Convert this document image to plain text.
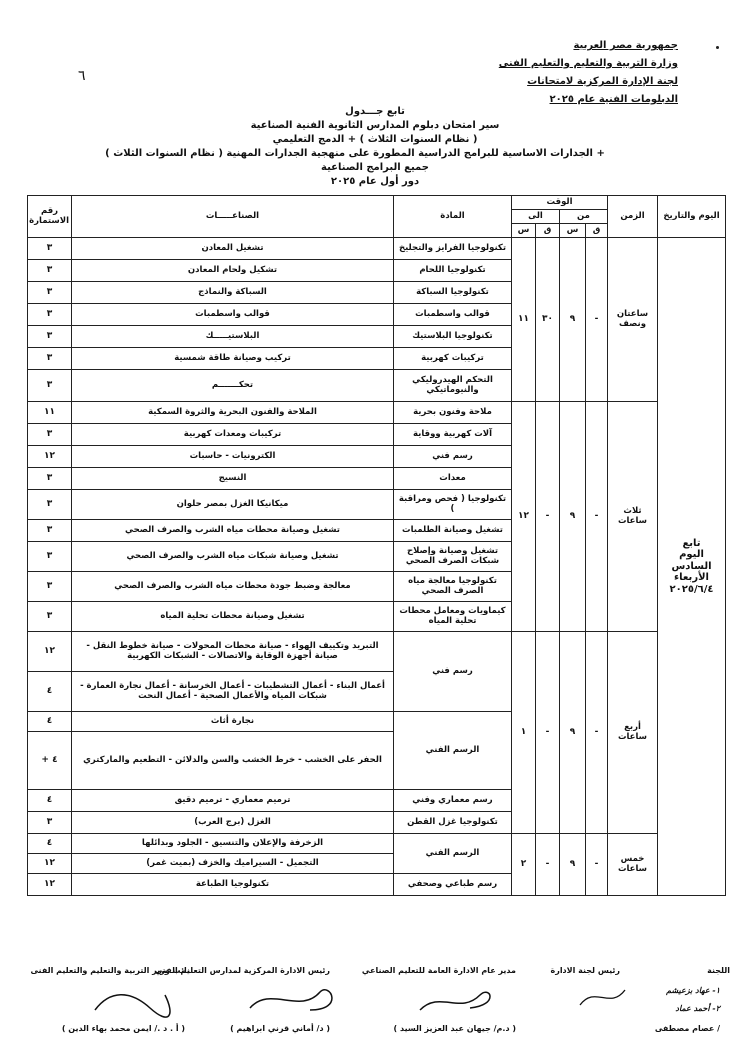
٦
جمهورية مصر العربية
وزارة التربية والتعليم والتعليم الفنى
لجنة الإدارة المركزية لامتحانات
الدبلومات الفنية عام ٢٠٢٥
تابع جـــدول
سير امتحان دبلوم المدارس الثانوية الفنية الصناعية
( نظام السنوات الثلاث ) + الدمج التعليمي
+ الجدارات الاساسية للبرامج الدراسية المطورة على منهجية الجدارات المهنية ( نظام السنوات الثلاث )
جميع البرامج الصناعية
دور أول عام ٢٠٢٥
اليوم والتاريخ	الزمن	الوقت				المادة	الصناعـــــات	رقم الاستمارة
		من		الى				
		ق	س	ق	س			

تابع
اليوم
السادس
الأربعاء
٢٠٢٥/٦/٤	ساعتان ونصف	-	٩	٣٠	١١	تكنولوجيا الفرايز والتجليخ	تشغيل المعادن	٣
						تكنولوجيا اللحام	تشكيل ولحام المعادن	٣
						تكنولوجيا السباكة	السباكة والنماذج	٣
						قوالب واسطمبات	قوالب واسطمبات	٣
						تكنولوجيا البلاستيك	البلاستيـــــك	٣
						تركيبات كهربية	تركيب وصيانة طاقة شمسية	٣
						التحكم الهيدروليكي والنيوماتيكي	تحكـــــــم	٣
	ثلاث ساعات	-	٩	-	١٢	ملاحة وفنون بحرية	الملاحة والفنون البحرية والثروة السمكية	١١
						آلات كهربية ووقاية	تركيبات ومعدات كهربية	٣
						رسم فني	الكترونيات - حاسبات	١٢
						معدات	النسيج	٣
						تكنولوجيا ( فحص ومراقبة )	ميكانيكا الغزل بمصر حلوان	٣
						تشغيل وصيانة الطلمبات	تشغيل وصيانة محطات مياه الشرب والصرف الصحي	٣
						تشغيل وصيانة وإصلاح شبكات الصرف الصحي	تشغيل وصيانة شبكات مياه الشرب والصرف الصحي	٣
						تكنولوجيا معالجة مياه الصرف الصحي	معالجة وضبط جودة محطات مياه الشرب والصرف الصحي	٣
						كيماويات ومعامل محطات تحلية المياه	تشغيل وصيانة محطات تحلية المياه	٣
	أربع ساعات	-	٩	-	١	رسم فني	التبريد وتكييف الهواء - صيانة محطات المحولات - صيانة خطوط النقل - صيانة أجهزة الوقاية والاتصالات - الشبكات الكهربية	١٢
							أعمال البناء - أعمال التشطيبات - أعمال الخرسانة - أعمال نجارة العمارة - شبكات المياه والأعمال الصحية - أعمال النحت	٤
						الرسم الفني	نجارة أثاث	٤
							الحفر على الخشب - خرط الخشب والسن والدلائن - التطعيم والماركتري	٤ +
						رسم معماري وفني	ترميم معماري - ترميم دقيق	٤
						تكنولوجيا غزل القطن	الغزل (برج العرب)	٣
	خمس ساعات	-	٩	-	٢	الرسم الفني	الزخرفة والإعلان والتنسيق - الجلود وبدائلها	٤
							التجميل - السيراميك والخزف (بميت غمر)	١٢
						رسم طباعي وصحفي	تكنولوجيا الطباعة	١٢
اللجنة
١- عهاد بزعيشم
٢- أحمد عماد
/ عصام مصطفى
رئيس لجنة الادارة
مدير عام الادارة العامة للتعليم الصناعي
( د.م/ جيهان عبد العزيز السيد )
رئيس الادارة المركزية لمدارس التعليم الفني
( د/ أماني قرني ابراهيم )
نائب وزير التربية والتعليم والتعليم الفنى
( أ . د ./ ايمن محمد بهاء الدين )
